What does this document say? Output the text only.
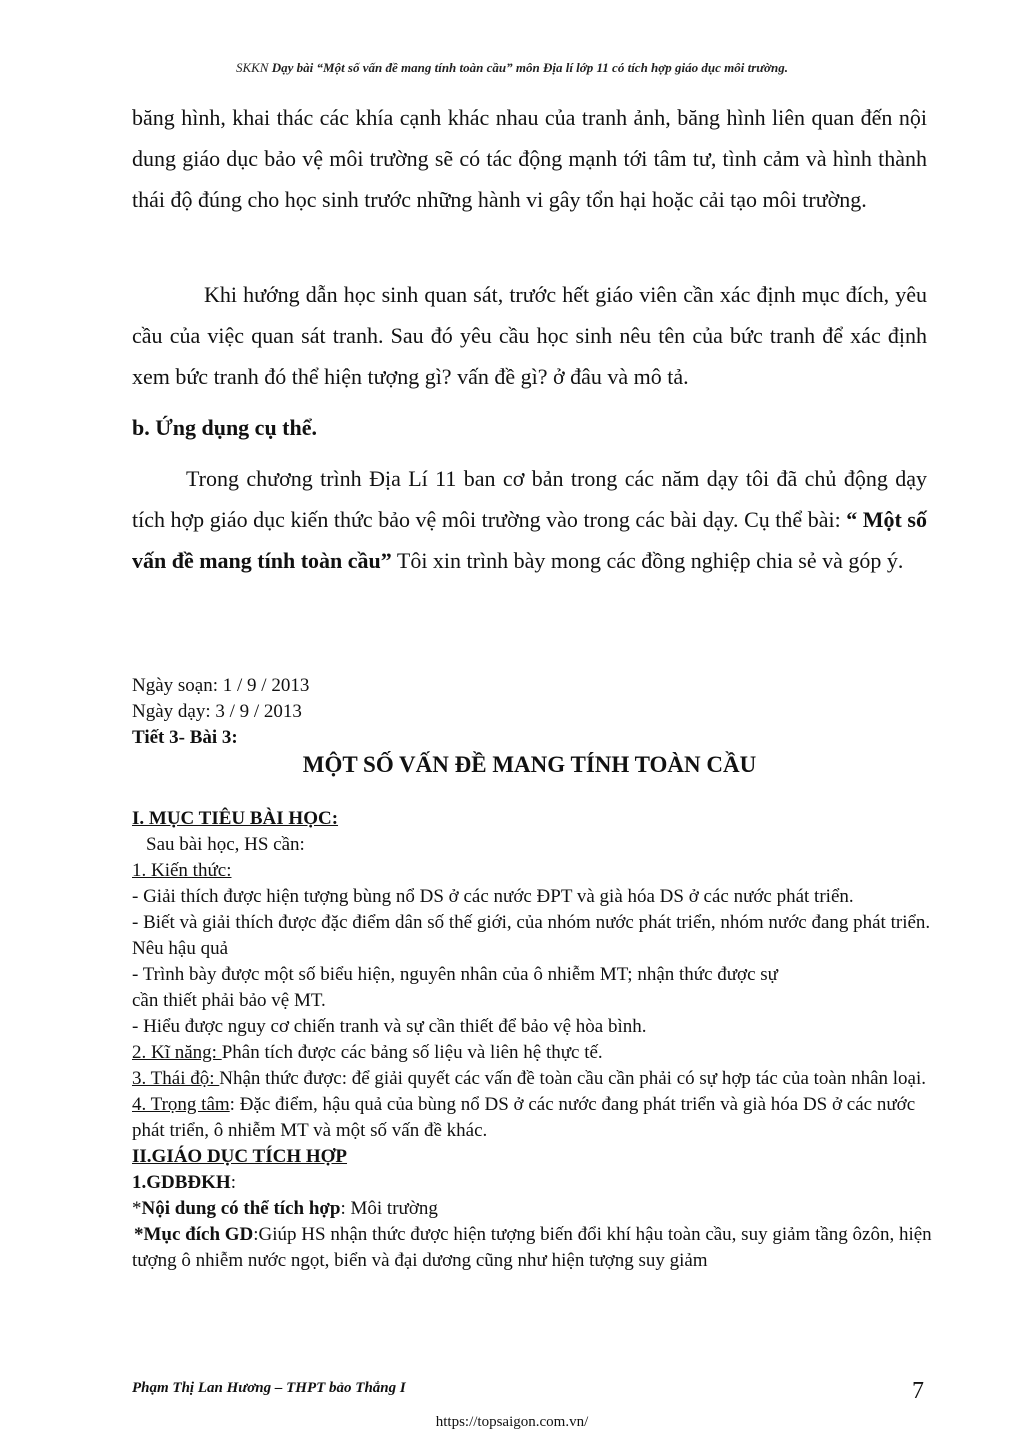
SKKN Dạy bài “Một số vấn đề mang tính toàn cầu” môn Địa lí lớp 11 có tích hợp giáo dục môi trường.

băng hình, khai thác các khía cạnh khác nhau của tranh ảnh, băng hình liên quan đến nội dung giáo dục bảo vệ môi trường sẽ có tác động mạnh tới tâm tư, tình cảm và hình thành thái độ đúng cho học sinh trước những hành vi gây tổn hại hoặc cải tạo môi trường.

Khi hướng dẫn học sinh quan sát, trước hết giáo viên cần xác định mục đích, yêu cầu của việc quan sát tranh. Sau đó yêu cầu học sinh nêu tên của bức tranh để xác định xem bức tranh đó thể hiện tượng gì? vấn đề gì? ở đâu và mô tả.

b. Ứng dụng cụ thể.

Trong chương trình Địa Lí 11 ban cơ bản trong các năm dạy tôi đã chủ động dạy tích hợp giáo dục kiến thức bảo vệ môi trường vào trong các bài dạy. Cụ thể bài: “ Một số vấn đề mang tính toàn cầu” Tôi xin trình bày mong các đồng nghiệp chia sẻ và góp ý.

Ngày soạn: 1 / 9 / 2013

Ngày dạy: 3 / 9 / 2013

Tiết 3- Bài 3:

MỘT SỐ VẤN ĐỀ MANG TÍNH TOÀN CẦU

I. MỤC TIÊU BÀI HỌC:

Sau bài học, HS cần:

1. Kiến thức:

- Giải thích được hiện tượng bùng nổ DS ở các nước ĐPT và già hóa DS ở các nước phát triển.

- Biết và giải thích được đặc điểm dân số thế giới, của nhóm nước phát triển, nhóm nước đang phát triển. Nêu hậu quả

- Trình bày được một số biểu hiện, nguyên nhân của ô nhiễm MT; nhận thức được sự

cần thiết phải bảo vệ MT.

- Hiểu được nguy cơ chiến tranh và sự cần thiết để bảo vệ hòa bình.

2. Kĩ năng: Phân tích được các bảng số liệu và liên hệ thực tế.

3. Thái độ: Nhận thức được: để giải quyết các vấn đề toàn cầu cần phải có sự hợp tác của toàn nhân loại.

4. Trọng tâm: Đặc điểm, hậu quả của bùng nổ DS ở các nước đang phát triển và già hóa DS ở các nước phát triển, ô nhiễm MT và một số vấn đề khác.

II.GIÁO DỤC TÍCH HỢP

1.GDBĐKH:

*Nội dung có thể tích hợp: Môi trường

*Mục đích GD:Giúp HS nhận thức được hiện tượng biến đổi khí hậu toàn cầu, suy giảm tầng ôzôn, hiện tượng ô nhiễm nước ngọt, biển và đại dương cũng như hiện tượng suy giảm

Phạm Thị Lan Hương – THPT bảo Thắng I	7
https://topsaigon.com.vn/
